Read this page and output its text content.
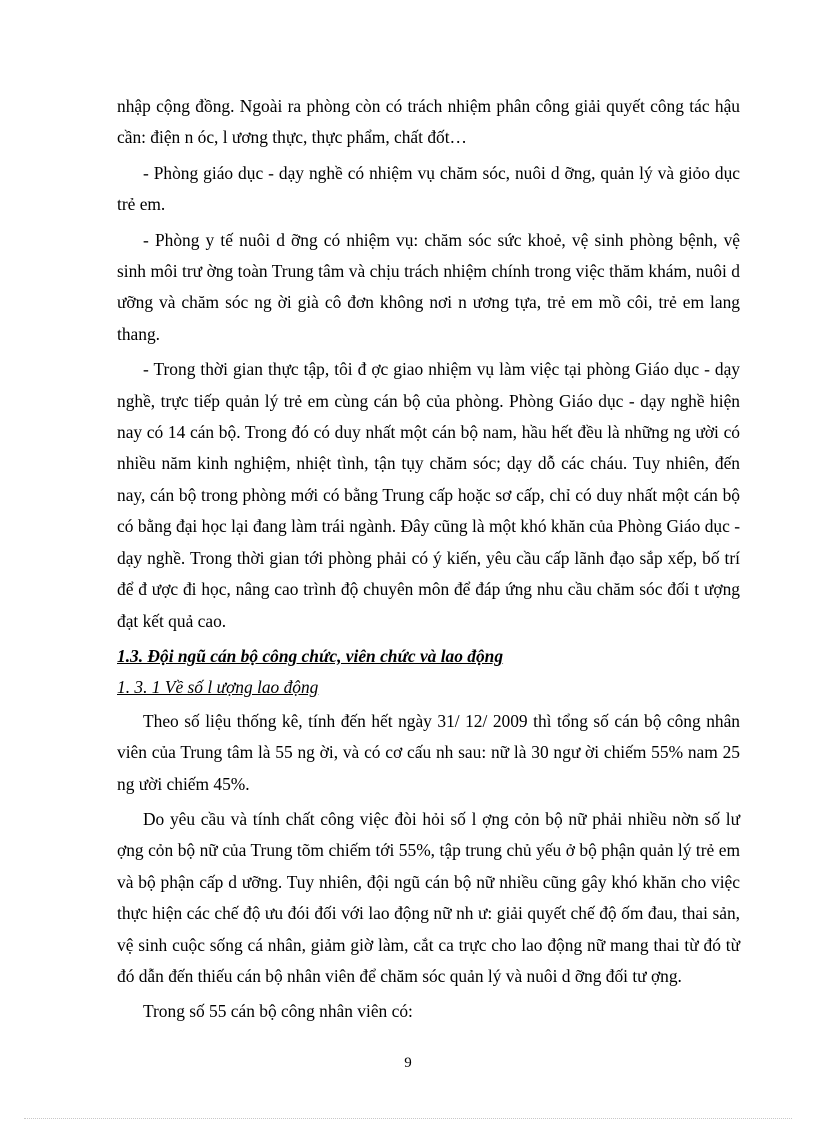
nhập cộng đồng. Ngoài ra phòng còn có trách nhiệm phân công giải quyết công tác hậu cần: điện n óc, l ương thực, thực phẩm, chất đốt…

- Phòng giáo dục - dạy nghề có nhiệm vụ chăm sóc, nuôi d ỡng, quản lý và giỏo dục trẻ em.

- Phòng y tế nuôi d ỡng có nhiệm vụ: chăm sóc sức khoẻ, vệ sinh phòng bệnh, vệ sinh môi trư ờng toàn Trung tâm và chịu trách nhiệm chính trong việc thăm khám, nuôi d ưỡng và chăm sóc ng ời già cô đơn không nơi n ương tựa, trẻ em mồ côi, trẻ em lang thang.

- Trong thời gian thực tập, tôi đ ợc giao nhiệm vụ làm việc tại phòng Giáo dục - dạy nghề, trực tiếp quản lý trẻ em cùng cán bộ của phòng. Phòng Giáo dục - dạy nghề hiện nay có 14 cán bộ. Trong đó có duy nhất một cán bộ nam, hầu hết đều là những ng ười có nhiều năm kinh nghiệm, nhiệt tình, tận tụy chăm sóc; dạy dỗ các cháu. Tuy nhiên, đến nay, cán bộ trong phòng mới có bằng Trung cấp hoặc sơ cấp, chỉ có duy nhất một cán bộ có bằng đại học lại đang làm trái ngành. Đây cũng là một khó khăn của Phòng Giáo dục - dạy nghề. Trong thời gian tới phòng phải có ý kiến, yêu cầu cấp lãnh đạo sắp xếp, bố trí để đ ược đi học, nâng cao trình độ chuyên môn để đáp ứng nhu cầu chăm sóc đối t ượng đạt kết quả cao.

1.3. Đội ngũ cán bộ công chức, viên chức và lao động

1. 3. 1 Về số l ượng lao động

Theo số liệu thống kê, tính đến hết ngày 31/ 12/ 2009 thì tổng số cán bộ công nhân viên của Trung tâm là 55 ng ời, và có cơ cấu nh sau: nữ là 30 ngư ời chiếm 55% nam 25 ng ười chiếm 45%.

Do yêu cầu và tính chất công việc đòi hỏi số l ợng cỏn bộ nữ phải nhiều nờn số lư ợng cỏn bộ nữ của Trung tõm chiếm tới 55%, tập trung chủ yếu ở bộ phận quản lý trẻ em và bộ phận cấp d ưỡng. Tuy nhiên, đội ngũ cán bộ nữ nhiều cũng gây khó khăn cho việc thực hiện các chế độ ưu đói đối với lao động nữ nh ư: giải quyết chế độ ốm đau, thai sản, vệ sinh cuộc sống cá nhân, giảm giờ làm, cắt ca trực cho lao động nữ mang thai từ đó từ đó dẫn đến thiếu cán bộ nhân viên để chăm sóc quản lý và nuôi d ỡng đối tư ợng.

Trong số 55 cán bộ công nhân viên có:

9
